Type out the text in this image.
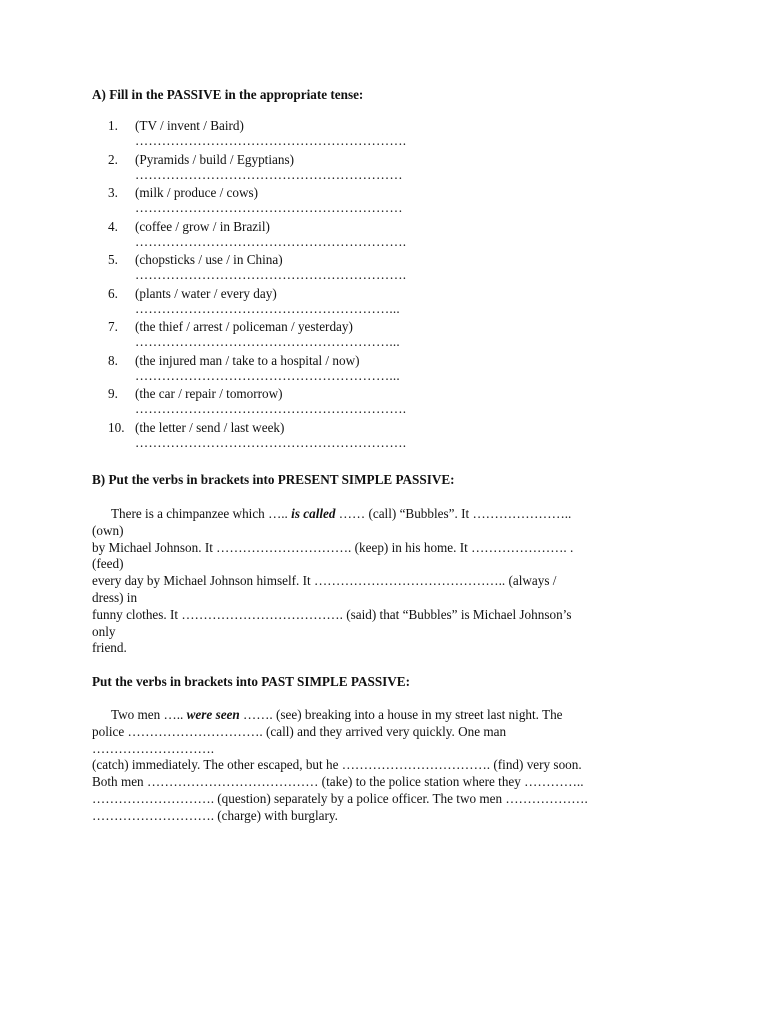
A) Fill in the PASSIVE in the appropriate tense:
1.	(TV / invent / Baird)
…………………………………………………….
2.	(Pyramids / build / Egyptians)
……………………………………………………
3.	(milk / produce / cows)
……………………………………………………
4.	(coffee / grow / in Brazil)
…………………………………………………….
5.	(chopsticks / use / in China)
…………………………………………………….
6.	(plants / water / every day)
…………………………………………………...
7.	(the thief / arrest / policeman / yesterday)
…………………………………………………...
8.	(the injured man / take to a hospital / now)
…………………………………………………...
9.	(the car / repair / tomorrow)
…………………………………………………….
10. (the letter / send / last week)
…………………………………………………….
B) Put the verbs in brackets into PRESENT SIMPLE PASSIVE:
There is a chimpanzee which ….. is called …… (call) “Bubbles”. It …………………..
(own)
by Michael Johnson. It …………………………. (keep) in his home. It …………………. .
(feed)
every day by Michael Johnson himself. It …………………………………….. (always /
dress) in
funny clothes. It ………………………………. (said) that “Bubbles” is Michael Johnson’s
only
friend.
Put the verbs in brackets into PAST SIMPLE PASSIVE:
Two men ….. were seen ……. (see) breaking into a house in my street last night. The
police …………………………. (call) and they arrived very quickly. One man
……………………….
(catch) immediately. The other escaped, but he ……………………………. (find) very soon.
Both men ………………………………… (take) to the police station where they …………..
………………………. (question) separately by a police officer. The two men ……………….
………………………. (charge) with burglary.
